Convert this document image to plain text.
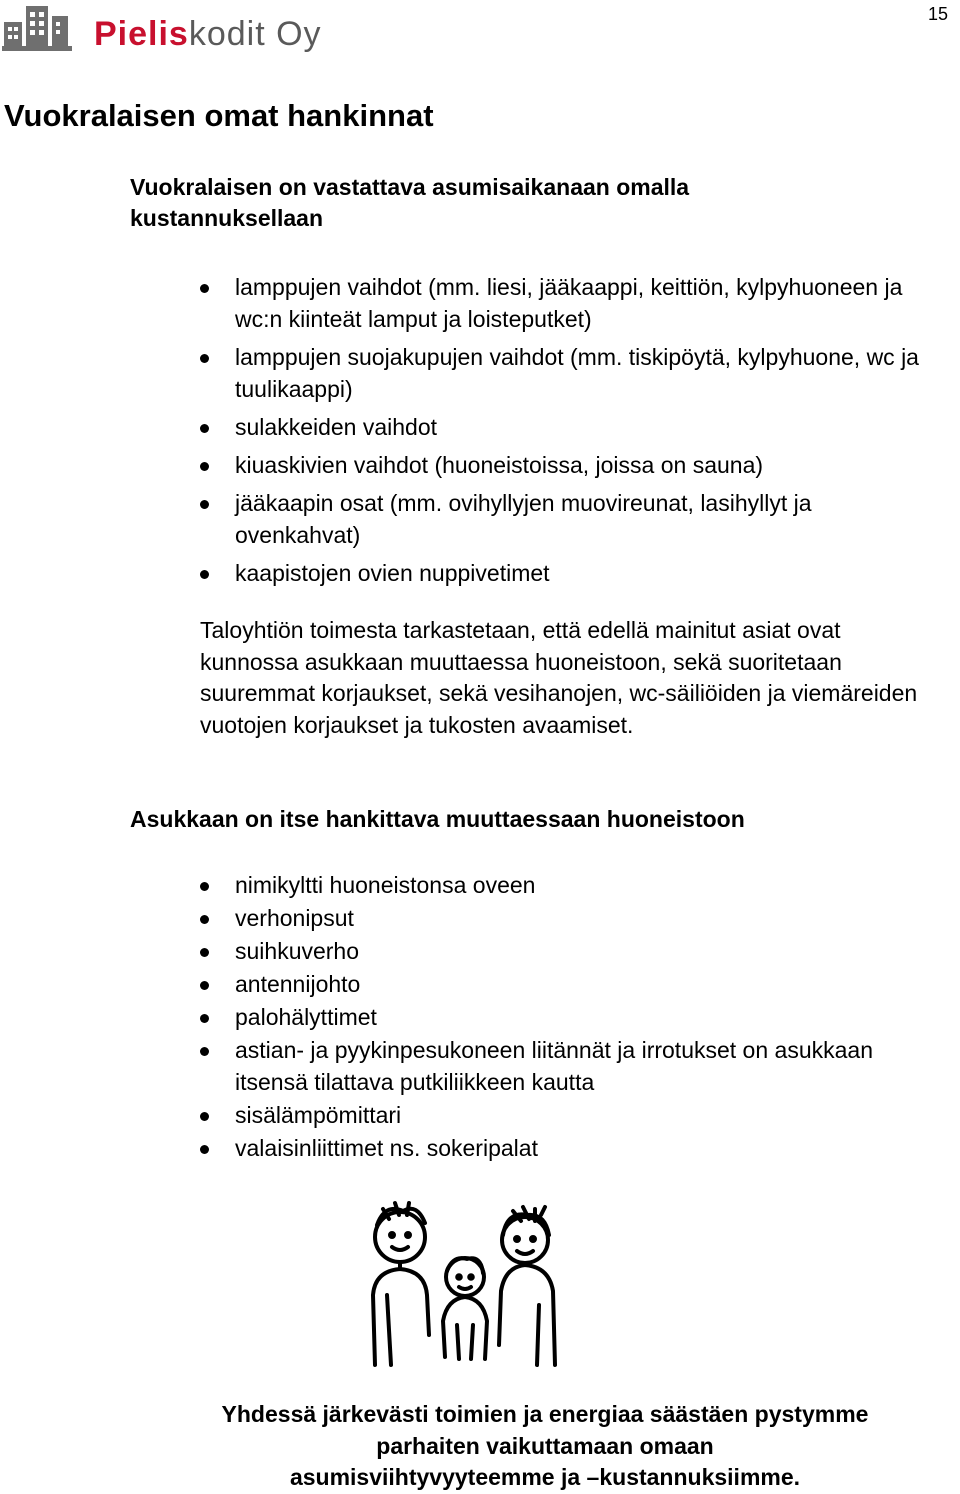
Pieliskodit Oy
15
Vuokralaisen omat hankinnat
Vuokralaisen on vastattava asumisaikanaan omalla kustannuksellaan
lamppujen vaihdot (mm. liesi, jääkaappi, keittiön, kylpyhuoneen ja wc:n kiinteät lamput ja loisteputket)
lamppujen suojakupujen vaihdot (mm. tiskipöytä, kylpyhuone, wc ja tuulikaappi)
sulakkeiden vaihdot
kiuaskivien vaihdot (huoneistoissa, joissa on sauna)
jääkaapin osat (mm. ovihyllyjen muovireunat, lasihyllyt ja ovenkahvat)
kaapistojen ovien nuppivetimet
Taloyhtiön toimesta tarkastetaan, että edellä mainitut asiat ovat kunnossa asukkaan muuttaessa huoneistoon, sekä suoritetaan suuremmat korjaukset, sekä vesihanojen, wc-säiliöiden ja viemäreiden vuotojen korjaukset ja tukosten avaamiset.
Asukkaan on itse hankittava muuttaessaan huoneistoon
nimikyltti huoneistonsa oveen
verhonipsut
suihkuverho
antennijohto
palohälyttimet
astian- ja pyykinpesukoneen liitännät ja irrotukset on asukkaan itsensä tilattava putkiliikkeen kautta
sisälämpömittari
valaisinliittimet ns. sokeripalat
Yhdessä järkevästi toimien ja energiaa säästäen pystymme
parhaiten vaikuttamaan omaan
asumisviihtyvyyteemme ja –kustannuksiimme.
